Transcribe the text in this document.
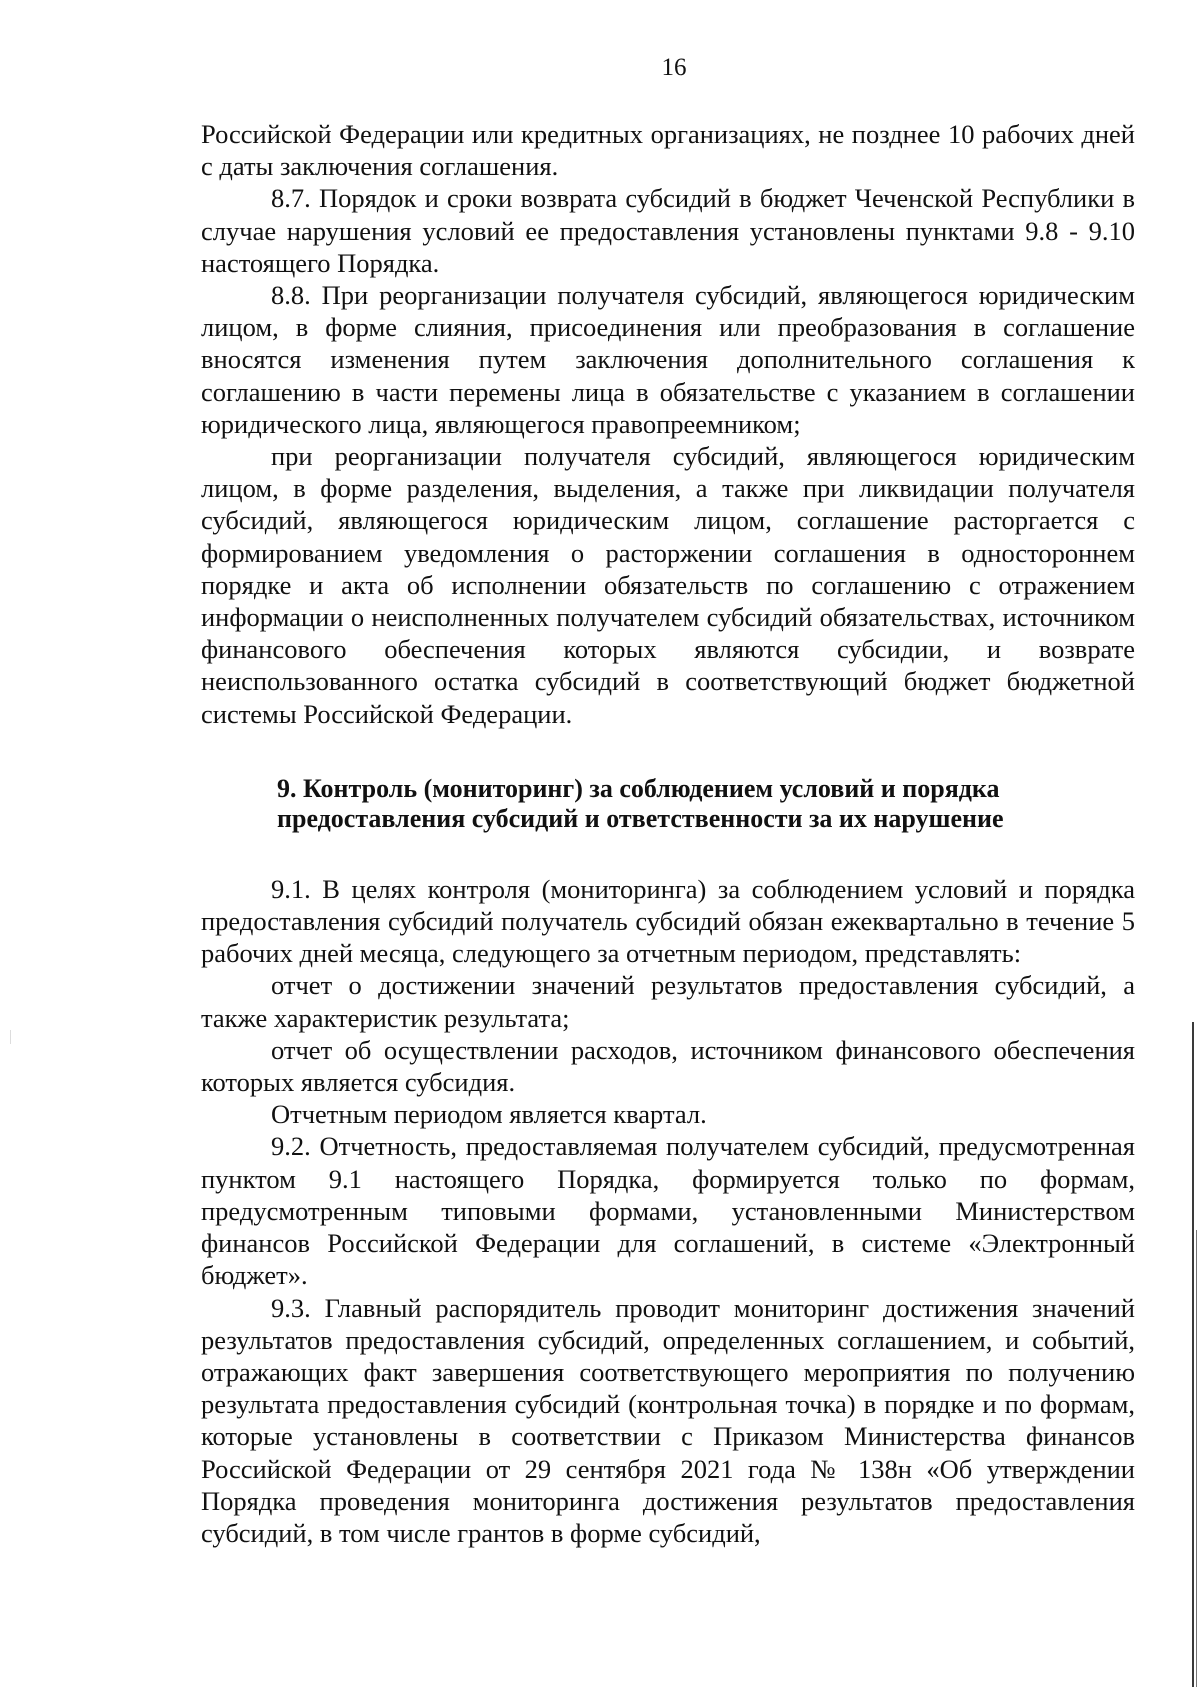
16

Российской Федерации или кредитных организациях, не позднее 10 рабочих дней с даты заключения соглашения.

8.7. Порядок и сроки возврата субсидий в бюджет Чеченской Республики в случае нарушения условий ее предоставления установлены пунктами 9.8 - 9.10 настоящего Порядка.

8.8. При реорганизации получателя субсидий, являющегося юридическим лицом, в форме слияния, присоединения или преобразования в соглашение вносятся изменения путем заключения дополнительного соглашения к соглашению в части перемены лица в обязательстве с указанием в соглашении юридического лица, являющегося правопреемником;

при реорганизации получателя субсидий, являющегося юридическим лицом, в форме разделения, выделения, а также при ликвидации получателя субсидий, являющегося юридическим лицом, соглашение расторгается с формированием уведомления о расторжении соглашения в одностороннем порядке и акта об исполнении обязательств по соглашению с отражением информации о неисполненных получателем субсидий обязательствах, источником финансового обеспечения которых являются субсидии, и возврате неиспользованного остатка субсидий в соответствующий бюджет бюджетной системы Российской Федерации.

9. Контроль (мониторинг) за соблюдением условий и порядка
предоставления субсидий и ответственности за их нарушение

9.1. В целях контроля (мониторинга) за соблюдением условий и порядка предоставления субсидий получатель субсидий обязан ежеквартально в течение 5 рабочих дней месяца, следующего за отчетным периодом, представлять:

отчет о достижении значений результатов предоставления субсидий, а также характеристик результата;

отчет об осуществлении расходов, источником финансового обеспечения которых является субсидия.

Отчетным периодом является квартал.

9.2. Отчетность, предоставляемая получателем субсидий, предусмотренная пунктом 9.1 настоящего Порядка, формируется только по формам, предусмотренным типовыми формами, установленными Министерством финансов Российской Федерации для соглашений, в системе «Электронный бюджет».

9.3. Главный распорядитель проводит мониторинг достижения значений результатов предоставления субсидий, определенных соглашением, и событий, отражающих факт завершения соответствующего мероприятия по получению результата предоставления субсидий (контрольная точка) в порядке и по формам, которые установлены в соответствии с Приказом Министерства финансов Российской Федерации от 29 сентября 2021 года № 138н «Об утверждении Порядка проведения мониторинга достижения результатов предоставления субсидий, в том числе грантов в форме субсидий,
